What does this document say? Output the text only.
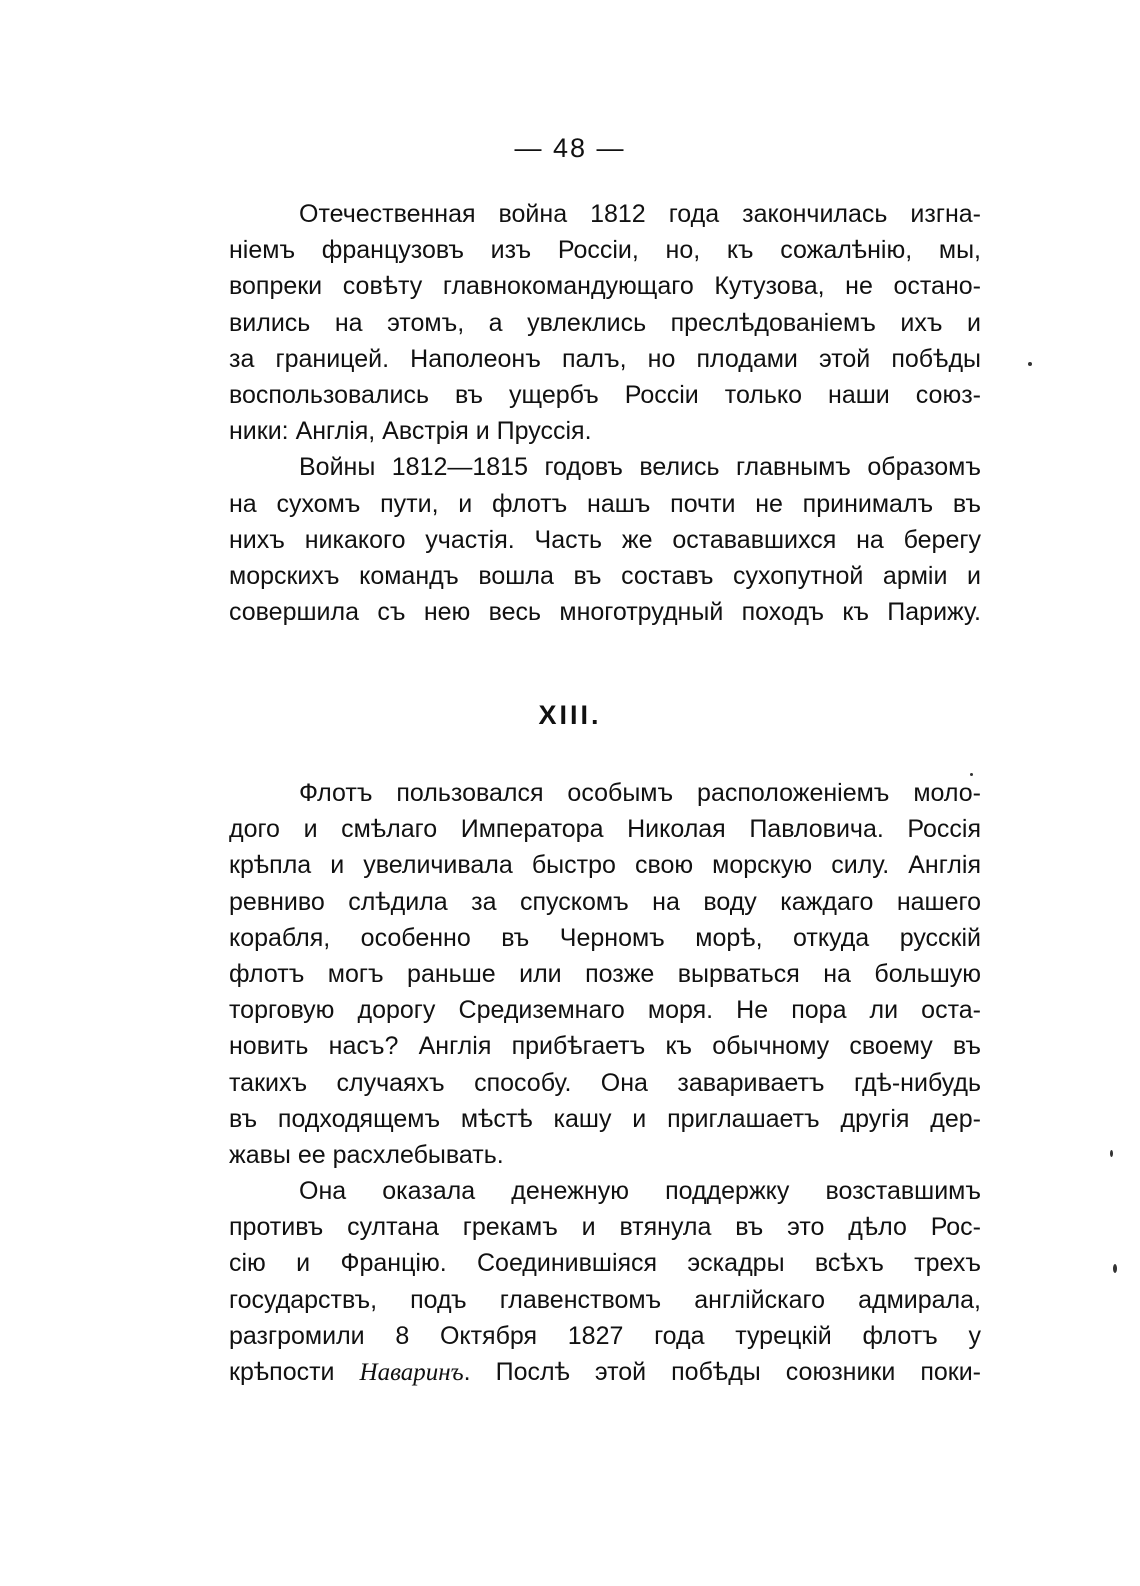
— 48 —
Отечественная война 1812 года закончилась изгна-
ніемъ французовъ изъ Россіи, но, къ сожалѣнію, мы,
вопреки совѣту главнокомандующаго Кутузова, не остано-
вились на этомъ, а увлеклись преслѣдованіемъ ихъ и
за границей. Наполеонъ палъ, но плодами этой побѣды
воспользовались въ ущербъ Россіи только наши союз-
ники: Англія, Австрія и Пруссія.
Войны 1812—1815 годовъ велись главнымъ образомъ
на сухомъ пути, и флотъ нашъ почти не принималъ въ
нихъ никакого участія. Часть же остававшихся на берегу
морскихъ командъ вошла въ составъ сухопутной арміи и
совершила съ нею весь многотрудный походъ къ Парижу.
XIII.
Флотъ пользовался особымъ расположеніемъ моло-
дого и смѣлаго Императора Николая Павловича. Россія
крѣпла и увеличивала быстро свою морскую силу. Англія
ревниво слѣдила за спускомъ на воду каждаго нашего
корабля, особенно въ Черномъ морѣ, откуда русскій
флотъ могъ раньше или позже вырваться на большую
торговую дорогу Средиземнаго моря. Не пора ли оста-
новить насъ? Англія прибѣгаетъ къ обычному своему въ
такихъ случаяхъ способу. Она завариваетъ гдѣ-нибудь
въ подходящемъ мѣстѣ кашу и приглашаетъ другія дер-
жавы ее расхлебывать.
Она оказала денежную поддержку возставшимъ
противъ султана грекамъ и втянула въ это дѣло Рос-
сію и Францію. Соединившіяся эскадры всѣхъ трехъ
государствъ, подъ главенствомъ англійскаго адмирала,
разгромили 8 Октября 1827 года турецкій флотъ у
крѣпости Наваринъ. Послѣ этой побѣды союзники поки-
